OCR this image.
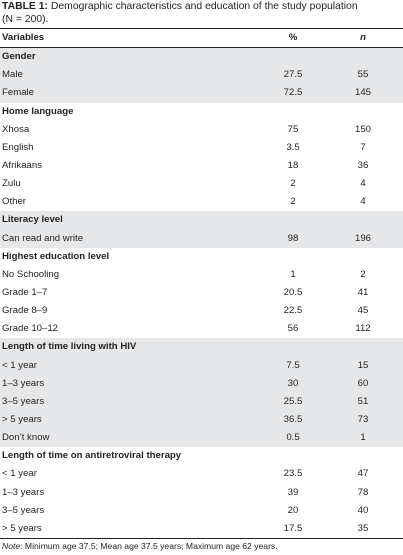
TABLE 1: Demographic characteristics and education of the study population
(N = 200).
Variables	%	n
Gender
Male	27.5	55
Female	72.5	145
Home language
Xhosa	75	150
English	3.5	7
Afrikaans	18	36
Zulu	2	4
Other	2	4
Literacy level
Can read and write	98	196
Highest education level
No Schooling	1	2
Grade 1–7	20.5	41
Grade 8–9	22.5	45
Grade 10–12	56	112
Length of time living with HIV
< 1 year	7.5	15
1–3 years	30	60
3–5 years	25.5	51
> 5 years	36.5	73
Don’t know	0.5	1
Length of time on antiretroviral therapy
< 1 year	23.5	47
1–3 years	39	78
3–5 years	20	40
> 5 years	17.5	35
Note: Minimum age 37.5; Mean age 37.5 years; Maximum age 62 years.
